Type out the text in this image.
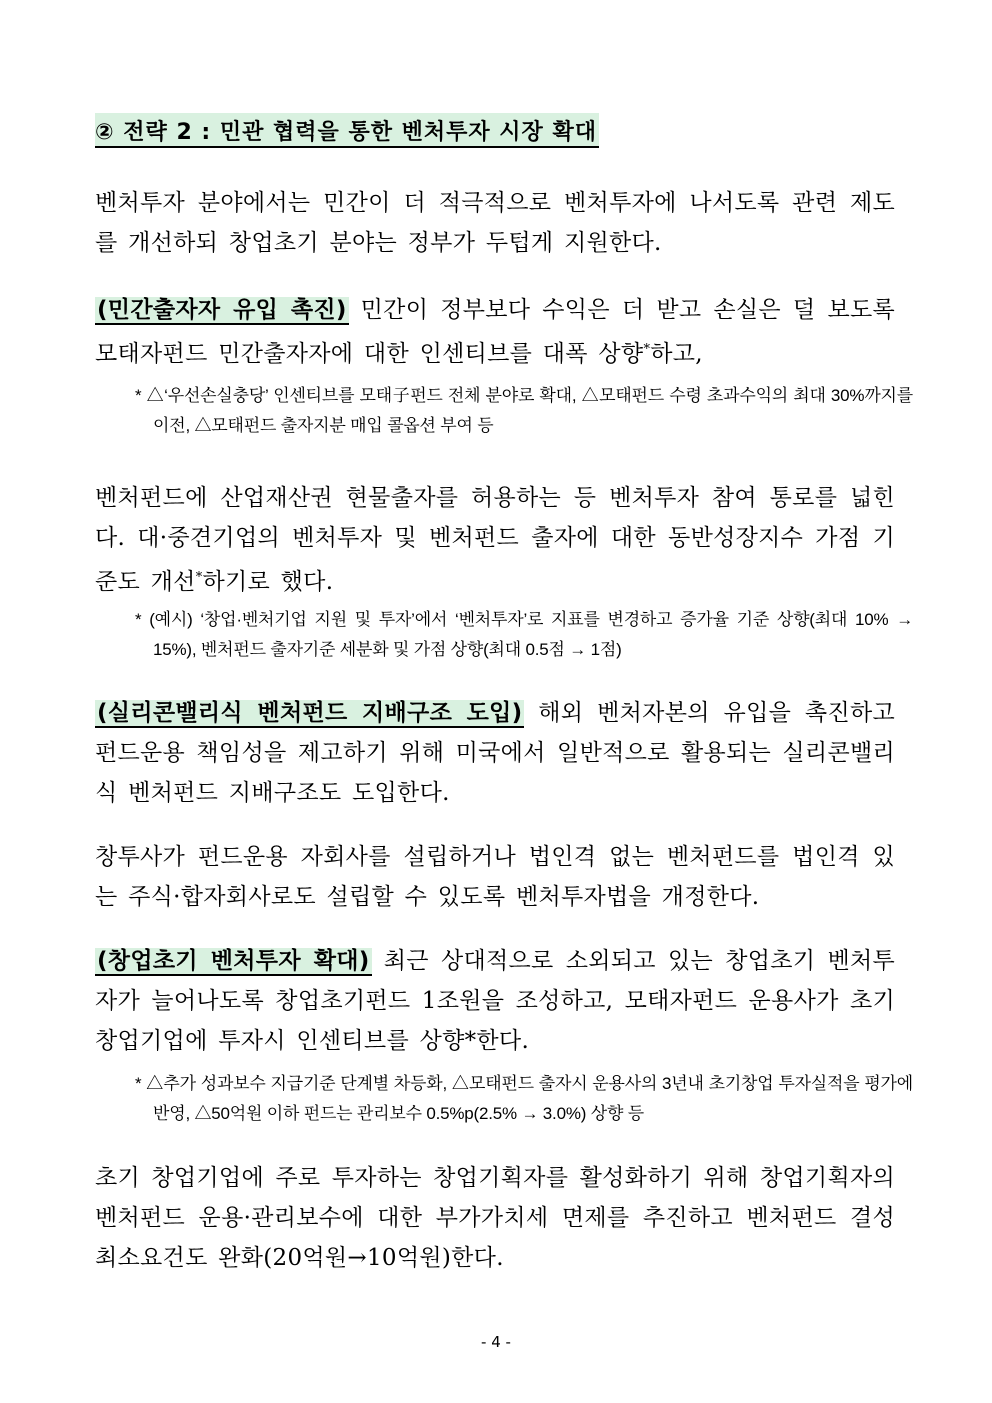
② 전략 2 : 민관 협력을 통한 벤처투자 시장 확대
벤처투자 분야에서는 민간이 더 적극적으로 벤처투자에 나서도록 관련 제도를 개선하되 창업초기 분야는 정부가 두텁게 지원한다.
(민간출자자 유입 촉진) 민간이 정부보다 수익은 더 받고 손실은 덜 보도록 모태자펀드 민간출자자에 대한 인센티브를 대폭 상향*하고,
* △‘우선손실충당’ 인센티브를 모태子펀드 전체 분야로 확대, △모태펀드 수령 초과수익의 최대 30%까지를 이전, △모태펀드 출자지분 매입 콜옵션 부여 등
벤처펀드에 산업재산권 현물출자를 허용하는 등 벤처투자 참여 통로를 넓힌다. 대·중견기업의 벤처투자 및 벤처펀드 출자에 대한 동반성장지수 가점 기준도 개선*하기로 했다.
* (예시) ‘창업·벤처기업 지원 및 투자’에서 ‘벤처투자’로 지표를 변경하고 증가율 기준 상향(최대 10% → 15%), 벤처펀드 출자기준 세분화 및 가점 상향(최대 0.5점 → 1점)
(실리콘밸리식 벤처펀드 지배구조 도입) 해외 벤처자본의 유입을 촉진하고 펀드운용 책임성을 제고하기 위해 미국에서 일반적으로 활용되는 실리콘밸리식 벤처펀드 지배구조도 도입한다.
창투사가 펀드운용 자회사를 설립하거나 법인격 없는 벤처펀드를 법인격 있는 주식·합자회사로도 설립할 수 있도록 벤처투자법을 개정한다.
(창업초기 벤처투자 확대) 최근 상대적으로 소외되고 있는 창업초기 벤처투자가 늘어나도록 창업초기펀드 1조원을 조성하고, 모태자펀드 운용사가 초기 창업기업에 투자시 인센티브를 상향*한다.
* △추가 성과보수 지급기준 단계별 차등화, △모태펀드 출자시 운용사의 3년내 초기창업 투자실적을 평가에 반영, △50억원 이하 펀드는 관리보수 0.5%p(2.5% → 3.0%) 상향 등
초기 창업기업에 주로 투자하는 창업기획자를 활성화하기 위해 창업기획자의 벤처펀드 운용·관리보수에 대한 부가가치세 면제를 추진하고 벤처펀드 결성 최소요건도 완화(20억원→10억원)한다.
- 4 -
